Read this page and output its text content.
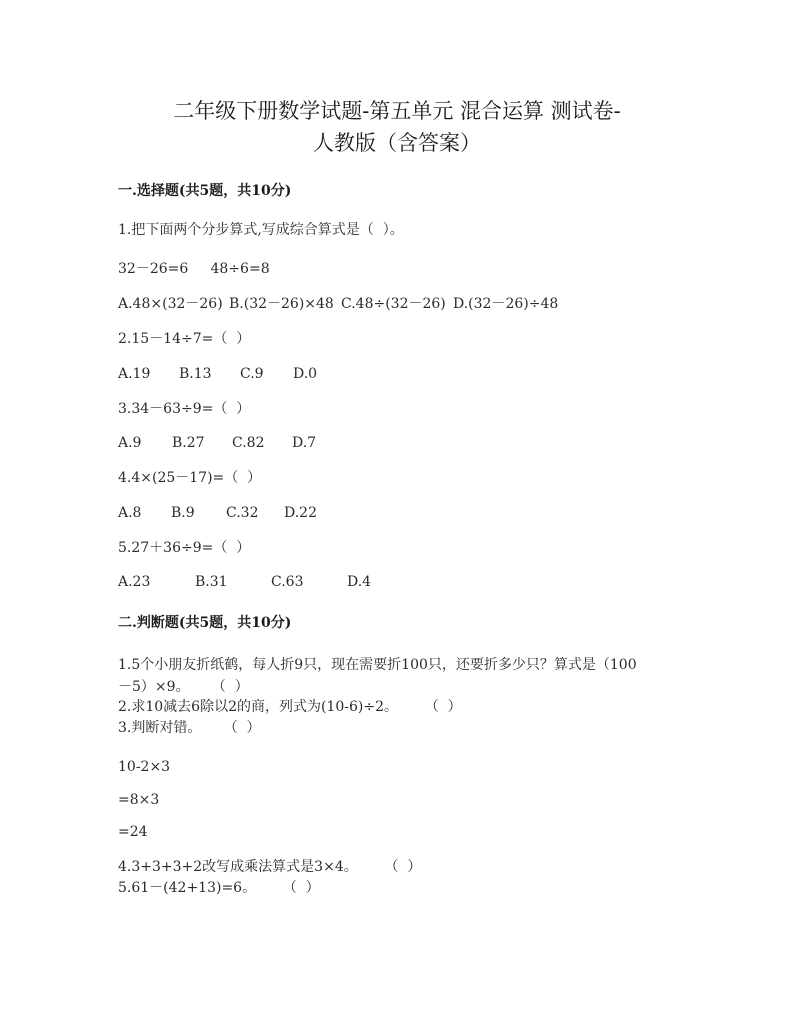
二年级下册数学试题-第五单元 混合运算 测试卷-
人教版（含答案）
一.选择题(共5题，共10分)
1.把下面两个分步算式,写成综合算式是（  ）。
32－26=6     48÷6=8
A.48×(32－26) B.(32－26)×48 C.48÷(32－26) D.(32－26)÷48
2.15－14÷7=（  ）
A.19 B.13 C.9 D.0
3.34－63÷9=（  ）
A.9 B.27 C.82 D.7
4.4×(25－17)=（  ）
A.8 B.9 C.32 D.22
5.27＋36÷9=（  ）
A.23	B.31	C.63	D.4
二.判断题(共5题，共10分)
1.5个小朋友折纸鹤，每人折9只，现在需要折100只，还要折多少只？算式是（100
－5）×9。     （  ）
2.求10减去6除以2的商，列式为(10-6)÷2。      （  ）
3.判断对错。     （  ）
10-2×3
=8×3
=24
4.3+3+3+2改写成乘法算式是3×4。      （  ）
5.61－(42+13)=6。      （  ）
